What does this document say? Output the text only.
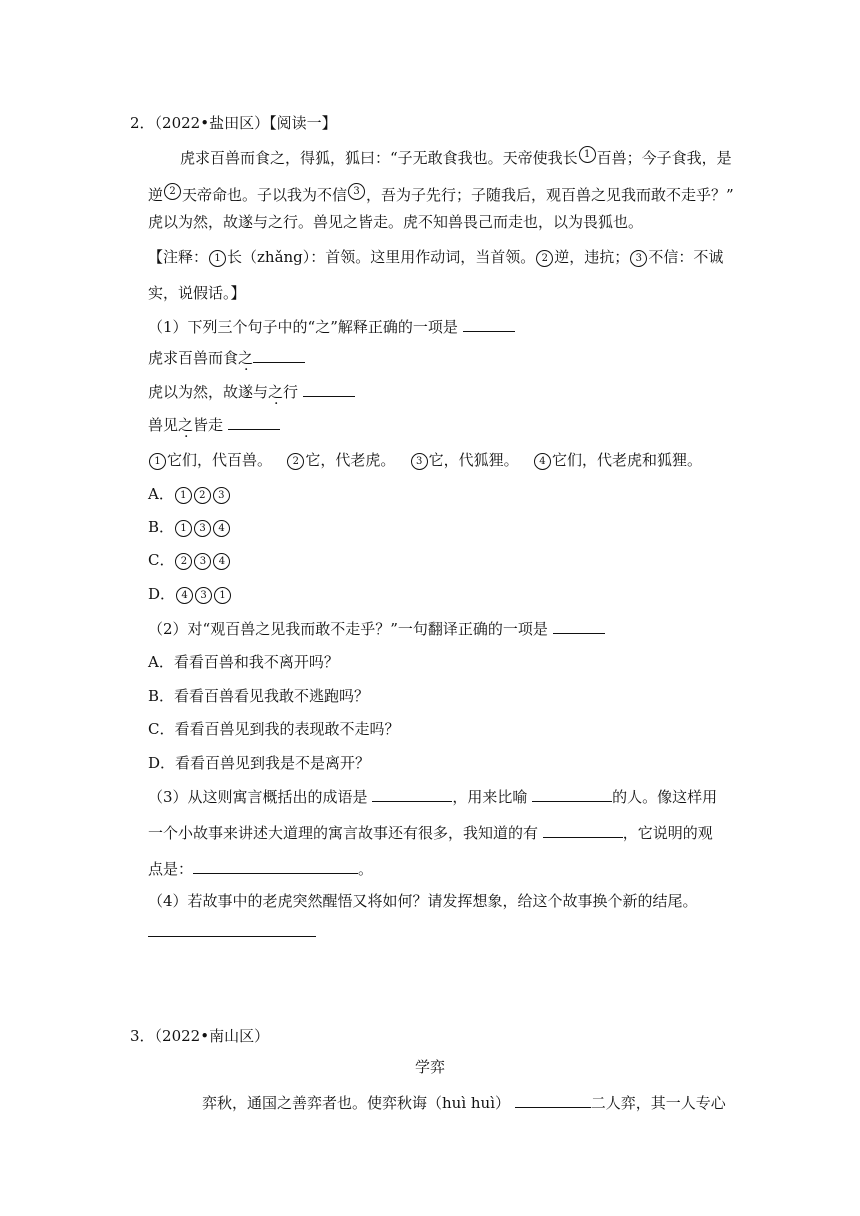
2．（2022•盐田区）【阅读一】
虎求百兽而食之，得狐，狐曰：“子无敢食我也。天帝使我长 1 百兽；今子食我，是
逆 2 天帝命也。子以我为不信 3 ，吾为子先行；子随我后，观百兽之见我而敢不走乎？”
虎以为然，故遂与之行。兽见之皆走。虎不知兽畏己而走也，以为畏狐也。
【注释： 1 长（zhǎng）：首领。这里用作动词，当首领。 2 逆，违抗； 3 不信：不诚
实，说假话。】
（1）下列三个句子中的“之”解释正确的一项是
虎求百兽而食之
虎以为然，故遂与之行
兽见之皆走
1 它们，代百兽。 2 它，代老虎。 3 它，代狐狸。 4 它们，代老虎和狐狸。
A． 1 2 3
B． 1 3 4
C． 2 3 4
D． 4 3 1
（2）对“观百兽之见我而敢不走乎？”一句翻译正确的一项是
A．看看百兽和我不离开吗？
B．看看百兽看见我敢不逃跑吗？
C．看看百兽见到我的表现敢不走吗？
D．看看百兽见到我是不是离开？
（3）从这则寓言概括出的成语是	，用来比喻	的人。像这样用
一个小故事来讲述大道理的寓言故事还有很多，我知道的有	，它说明的观
点是：	。
（4）若故事中的老虎突然醒悟又将如何？请发挥想象，给这个故事换个新的结尾。
3．（2022•南山区）
学弈
弈秋，通国之善弈者也。使弈秋诲（huì huì）	二人弈，其一人专心
